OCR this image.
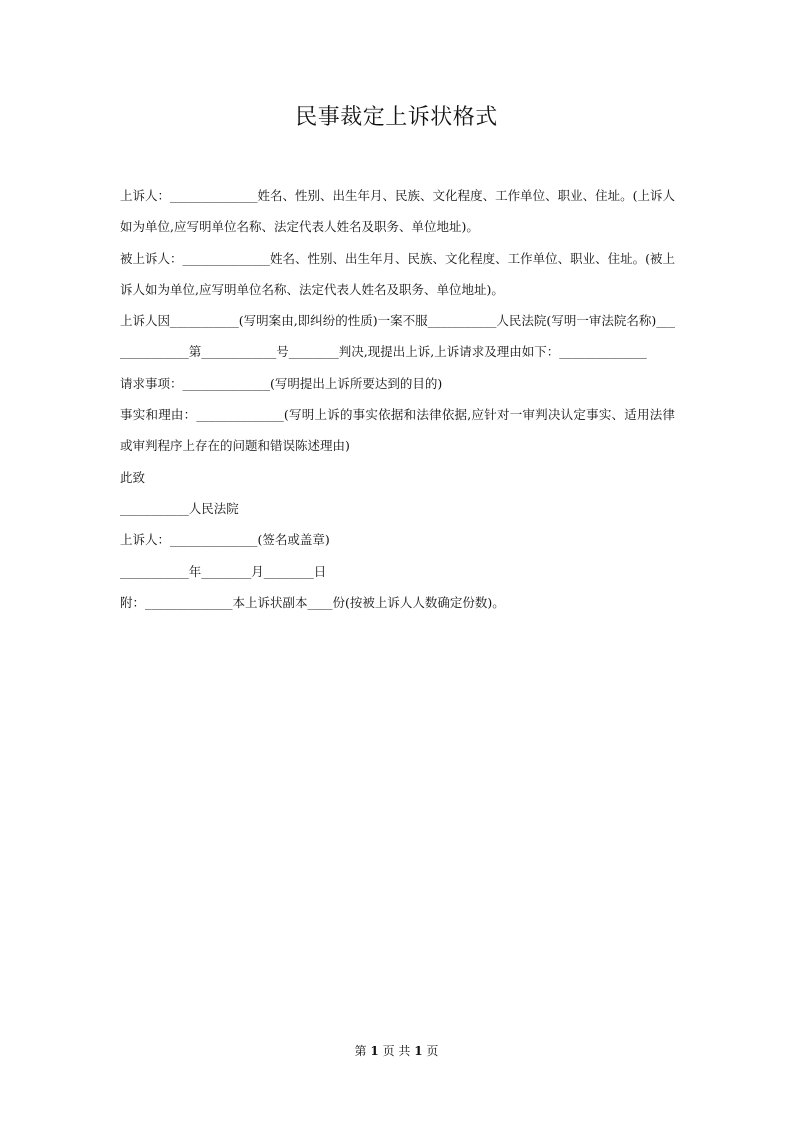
民事裁定上诉状格式

上诉人：______________姓名、性别、出生年月、民族、文化程度、工作单位、职业、住址。(上诉人如为单位,应写明单位名称、法定代表人姓名及职务、单位地址)。

被上诉人：______________姓名、性别、出生年月、民族、文化程度、工作单位、职业、住址。(被上诉人如为单位,应写明单位名称、法定代表人姓名及职务、单位地址)。

上诉人因___________(写明案由,即纠纷的性质)一案不服___________人民法院(写明一审法院名称)______________第____________号________判决,现提出上诉,上诉请求及理由如下：______________

请求事项：______________(写明提出上诉所要达到的目的)

事实和理由：______________(写明上诉的事实依据和法律依据,应针对一审判决认定事实、适用法律或审判程序上存在的问题和错误陈述理由)

此致

___________人民法院

上诉人：______________(签名或盖章)

___________年________月________日

附：______________本上诉状副本____份(按被上诉人人数确定份数)。

第 1 页 共 1 页
